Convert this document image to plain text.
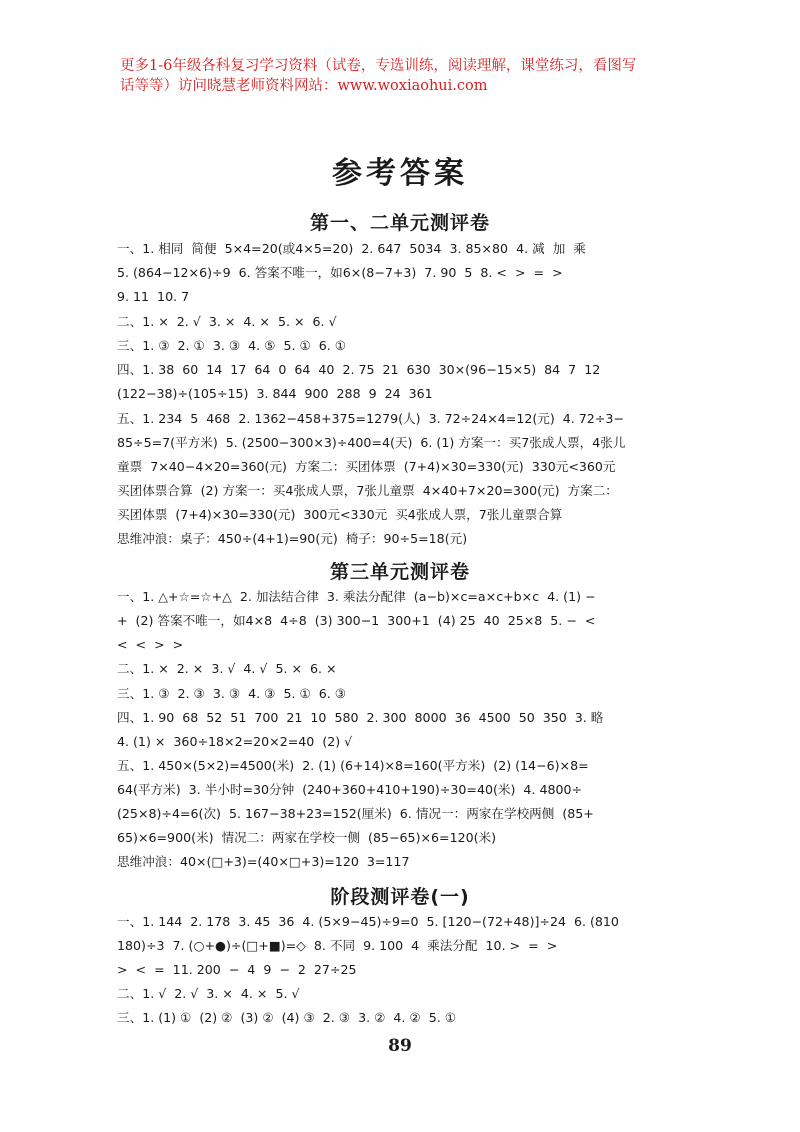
更多1-6年级各科复习学习资料（试卷，专选训练，阅读理解，课堂练习，看图写
话等等）访问晓慧老师资料网站：www.woxiaohui.com
参考答案
第一、二单元测评卷
一、1. 相同  简便  5×4=20(或4×5=20)  2. 647  5034  3. 85×80  4. 减  加  乘
5. (864−12×6)÷9  6. 答案不唯一，如6×(8−7+3)  7. 90  5  8. <  >  =  >
9. 11  10. 7
二、1. ×  2. √  3. ×  4. ×  5. ×  6. √
三、1. ③  2. ①  3. ③  4. ⑤  5. ①  6. ①
四、1. 38  60  14  17  64  0  64  40  2. 75  21  630  30×(96−15×5)  84  7  12
(122−38)÷(105÷15)  3. 844  900  288  9  24  361
五、1. 234  5  468  2. 1362−458+375=1279(人)  3. 72÷24×4=12(元)  4. 72÷3−
85÷5=7(平方米)  5. (2500−300×3)÷400=4(天)  6. (1) 方案一：买7张成人票，4张儿
童票  7×40−4×20=360(元)  方案二：买团体票  (7+4)×30=330(元)  330元<360元
买团体票合算  (2) 方案一：买4张成人票，7张儿童票  4×40+7×20=300(元)  方案二：
买团体票  (7+4)×30=330(元)  300元<330元  买4张成人票，7张儿童票合算
思维冲浪：桌子：450÷(4+1)=90(元)  椅子：90÷5=18(元)
第三单元测评卷
一、1. △+☆=☆+△  2. 加法结合律  3. 乘法分配律  (a−b)×c=a×c+b×c  4. (1) −
+  (2) 答案不唯一，如4×8  4÷8  (3) 300−1  300+1  (4) 25  40  25×8  5. −  <
<  <  >  >
二、1. ×  2. ×  3. √  4. √  5. ×  6. ×
三、1. ③  2. ③  3. ③  4. ③  5. ①  6. ③
四、1. 90  68  52  51  700  21  10  580  2. 300  8000  36  4500  50  350  3. 略
4. (1) ×  360÷18×2=20×2=40  (2) √
五、1. 450×(5×2)=4500(米)  2. (1) (6+14)×8=160(平方米)  (2) (14−6)×8=
64(平方米)  3. 半小时=30分钟  (240+360+410+190)÷30=40(米)  4. 4800÷
(25×8)÷4=6(次)  5. 167−38+23=152(厘米)  6. 情况一：两家在学校两侧  (85+
65)×6=900(米)  情况二：两家在学校一侧  (85−65)×6=120(米)
思维冲浪：40×(□+3)=(40×□+3)=120  3=117
阶段测评卷(一)
一、1. 144  2. 178  3. 45  36  4. (5×9−45)÷9=0  5. [120−(72+48)]÷24  6. (810
180)÷3  7. (○+●)÷(□+■)=◇  8. 不同  9. 100  4  乘法分配  10. >  =  >
>  <  =  11. 200  −  4  9  −  2  27÷25
二、1. √  2. √  3. ×  4. ×  5. √
三、1. (1) ①  (2) ②  (3) ②  (4) ③  2. ③  3. ②  4. ②  5. ①
89
